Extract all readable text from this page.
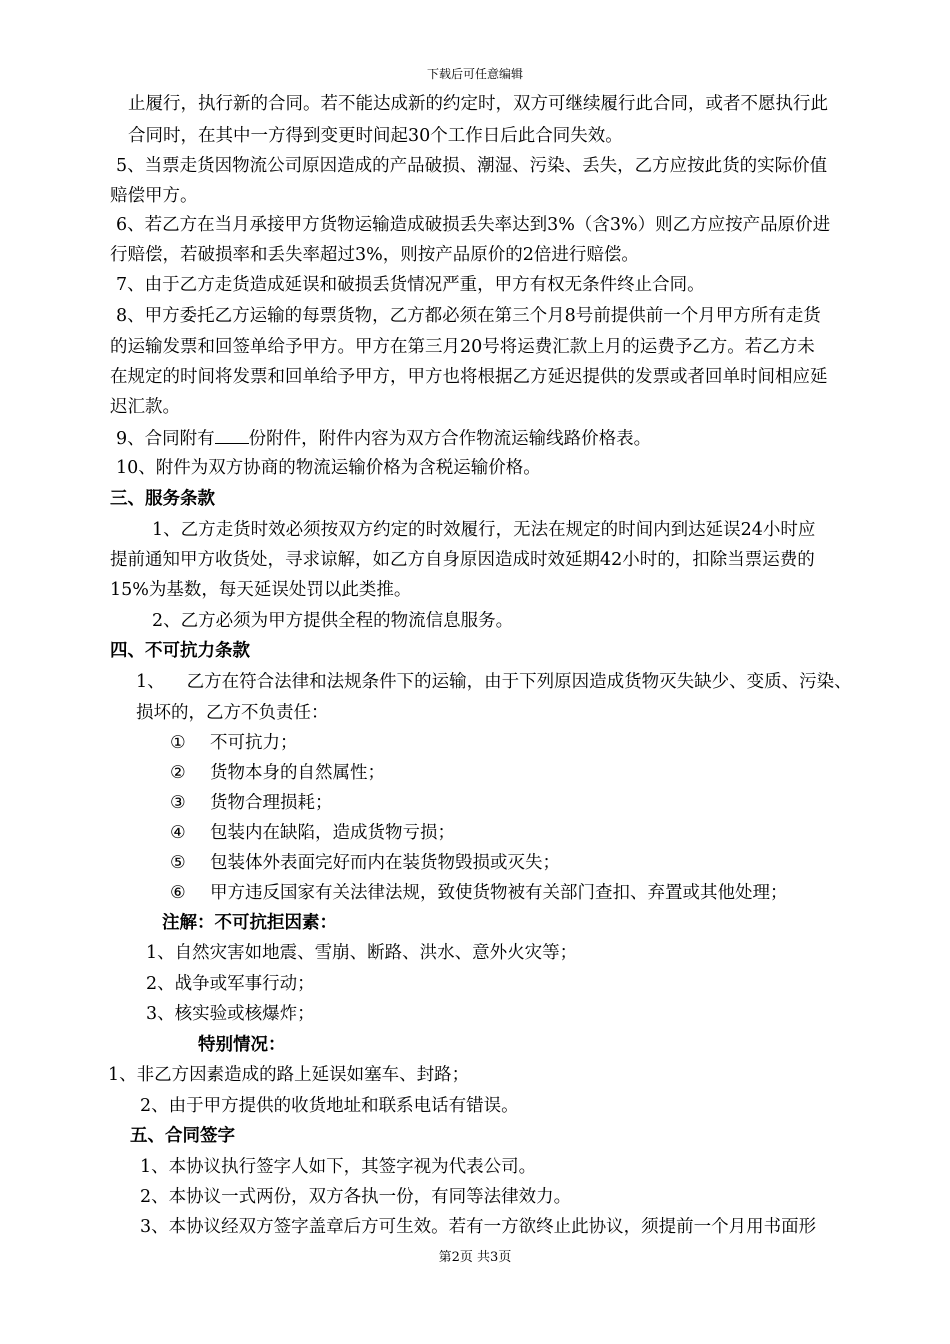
下载后可任意编辑
止履行，执行新的合同。若不能达成新的约定时，双方可继续履行此合同，或者不愿执行此
合同时，在其中一方得到变更时间起30个工作日后此合同失效。
5、当票走货因物流公司原因造成的产品破损、潮湿、污染、丢失，乙方应按此货的实际价值
赔偿甲方。
6、若乙方在当月承接甲方货物运输造成破损丢失率达到3%（含3%）则乙方应按产品原价进
行赔偿，若破损率和丢失率超过3%，则按产品原价的2倍进行赔偿。
7、由于乙方走货造成延误和破损丢货情况严重，甲方有权无条件终止合同。
8、甲方委托乙方运输的每票货物，乙方都必须在第三个月8号前提供前一个月甲方所有走货
的运输发票和回签单给予甲方。甲方在第三月20号将运费汇款上月的运费予乙方。若乙方未
在规定的时间将发票和回单给予甲方，甲方也将根据乙方延迟提供的发票或者回单时间相应延
迟汇款。
9、合同附有 份附件，附件内容为双方合作物流运输线路价格表。
10、附件为双方协商的物流运输价格为含税运输价格。
三、服务条款
1、乙方走货时效必须按双方约定的时效履行，无法在规定的时间内到达延误24小时应
提前通知甲方收货处，寻求谅解，如乙方自身原因造成时效延期42小时的，扣除当票运费的
15%为基数，每天延误处罚以此类推。
2、乙方必须为甲方提供全程的物流信息服务。
四、不可抗力条款
1、 乙方在符合法律和法规条件下的运输，由于下列原因造成货物灭失缺少、变质、污染、
损坏的，乙方不负责任：
① 不可抗力；
② 货物本身的自然属性；
③ 货物合理损耗；
④ 包装内在缺陷，造成货物亏损；
⑤ 包装体外表面完好而内在装货物毁损或灭失；
⑥ 甲方违反国家有关法律法规，致使货物被有关部门查扣、弃置或其他处理；
注解：不可抗拒因素：
1、自然灾害如地震、雪崩、断路、洪水、意外火灾等；
2、战争或军事行动；
3、核实验或核爆炸；
特别情况：
1、非乙方因素造成的路上延误如塞车、封路；
2、由于甲方提供的收货地址和联系电话有错误。
五、合同签字
1、本协议执行签字人如下，其签字视为代表公司。
2、本协议一式两份，双方各执一份，有同等法律效力。
3、本协议经双方签字盖章后方可生效。若有一方欲终止此协议，须提前一个月用书面形
第2页 共3页
